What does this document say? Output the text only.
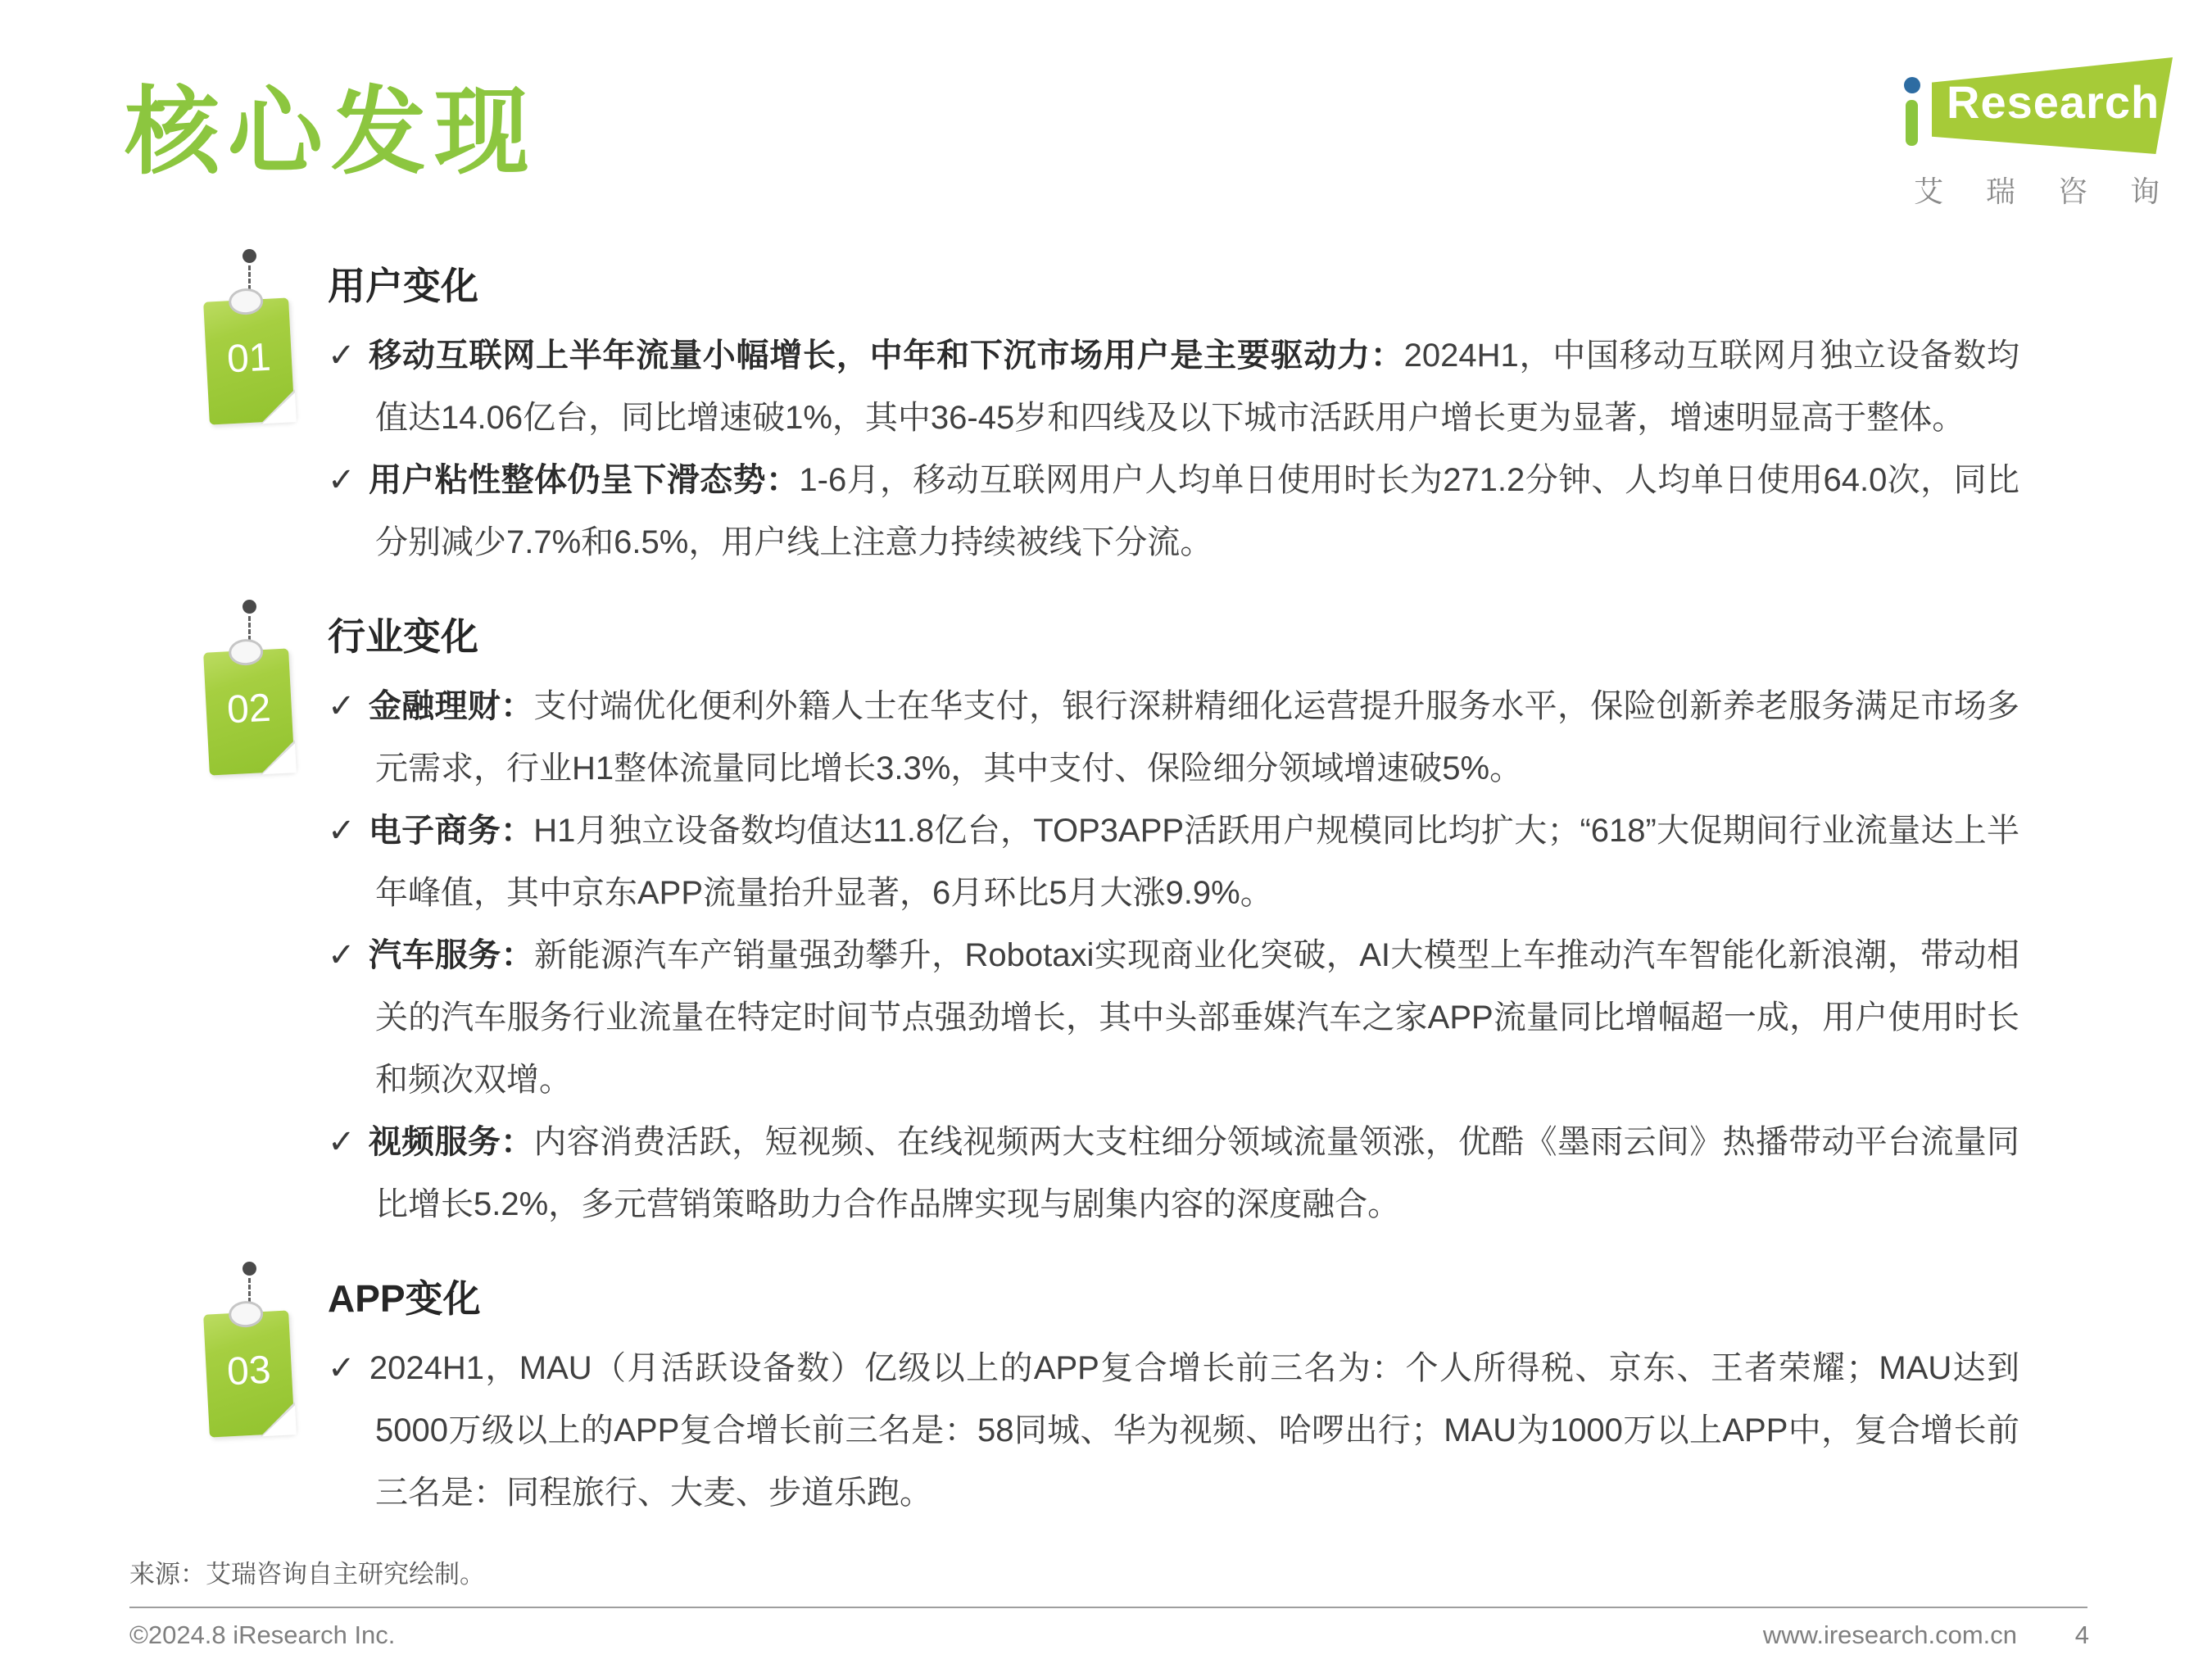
核心发现	Research
艾 瑞 咨 询
01
用户变化

✓ 移动互联网上半年流量小幅增长，中年和下沉市场用户是主要驱动力：2024H1，中国移动互联网月独立设备数均值达14.06亿台，同比增速破1%，其中36-45岁和四线及以下城市活跃用户增长更为显著，增速明显高于整体。

✓ 用户粘性整体仍呈下滑态势：1-6月，移动互联网用户人均单日使用时长为271.2分钟、人均单日使用64.0次，同比分别减少7.7%和6.5%，用户线上注意力持续被线下分流。

02
行业变化

✓ 金融理财：支付端优化便利外籍人士在华支付，银行深耕精细化运营提升服务水平，保险创新养老服务满足市场多元需求，行业H1整体流量同比增长3.3%，其中支付、保险细分领域增速破5%。

✓ 电子商务：H1月独立设备数均值达11.8亿台，TOP3APP活跃用户规模同比均扩大；“618”大促期间行业流量达上半年峰值，其中京东APP流量抬升显著，6月环比5月大涨9.9%。

✓ 汽车服务：新能源汽车产销量强劲攀升，Robotaxi实现商业化突破，AI大模型上车推动汽车智能化新浪潮，带动相关的汽车服务行业流量在特定时间节点强劲增长，其中头部垂媒汽车之家APP流量同比增幅超一成，用户使用时长和频次双增。

✓ 视频服务：内容消费活跃，短视频、在线视频两大支柱细分领域流量领涨，优酷《墨雨云间》热播带动平台流量同比增长5.2%，多元营销策略助力合作品牌实现与剧集内容的深度融合。

03
APP变化

✓ 2024H1，MAU（月活跃设备数）亿级以上的APP复合增长前三名为：个人所得税、京东、王者荣耀；MAU达到5000万级以上的APP复合增长前三名是：58同城、华为视频、哈啰出行；MAU为1000万以上APP中，复合增长前三名是：同程旅行、大麦、步道乐跑。

来源：艾瑞咨询自主研究绘制。
©2024.8 iResearch Inc.	www.iresearch.com.cn 4
